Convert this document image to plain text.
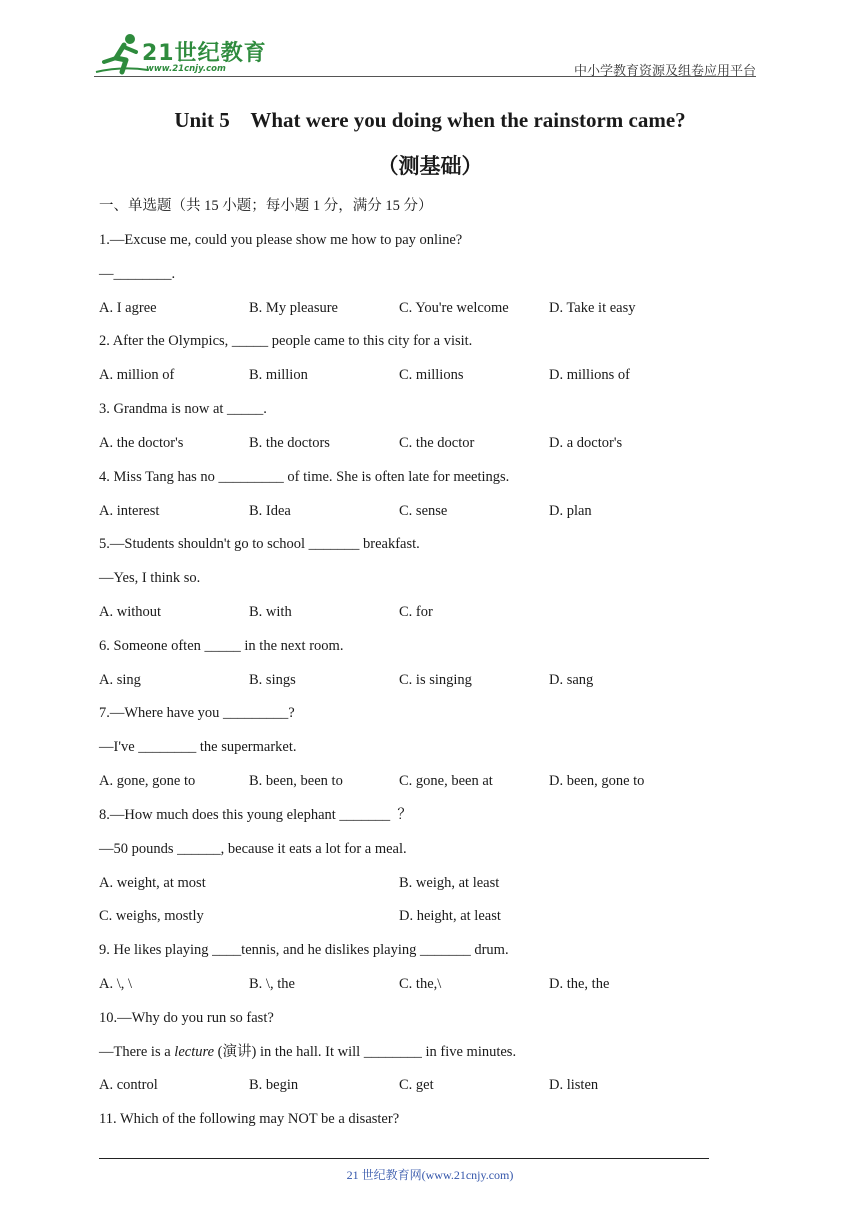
21世纪教育
www.21cnjy.com	中小学教育资源及组卷应用平台
Unit 5    What were you doing when the rainstorm came?
（测基础）
一、单选题（共 15 小题；每小题 1 分，满分 15 分）
1.—Excuse me, could you please show me how to pay online?
—________.
A. I agree	B. My pleasure	C. You're welcome	D. Take it easy
2. After the Olympics, _____ people came to this city for a visit.
A. million of	B. million	C. millions	D. millions of
3. Grandma is now at _____.
A. the doctor's	B. the doctors	C. the doctor	D. a doctor's
4. Miss Tang has no _________ of time. She is often late for meetings.
A. interest	B. Idea	C. sense	D. plan
5.—Students shouldn't go to school _______ breakfast.
—Yes, I think so.
A. without	B. with	C. for
6. Someone often _____ in the next room.
A. sing	B. sings	C. is singing	D. sang
7.—Where have you _________?
—I've ________ the supermarket.
A. gone, gone to	B. been, been to	C. gone, been at	D. been, gone to
8.—How much does this young elephant _______  ？
—50 pounds ______, because it eats a lot for a meal.
A. weight, at most	B. weigh, at least
C. weighs, mostly	D. height, at least
9. He likes playing ____tennis, and he dislikes playing _______ drum.
A. \, \	B. \, the	C. the,\	D. the, the
10.—Why do you run so fast?
—There is a lecture (演讲) in the hall. It will ________ in five minutes.
A. control	B. begin	C. get	D. listen
11. Which of the following may NOT be a disaster?
21 世纪教育网(www.21cnjy.com)
